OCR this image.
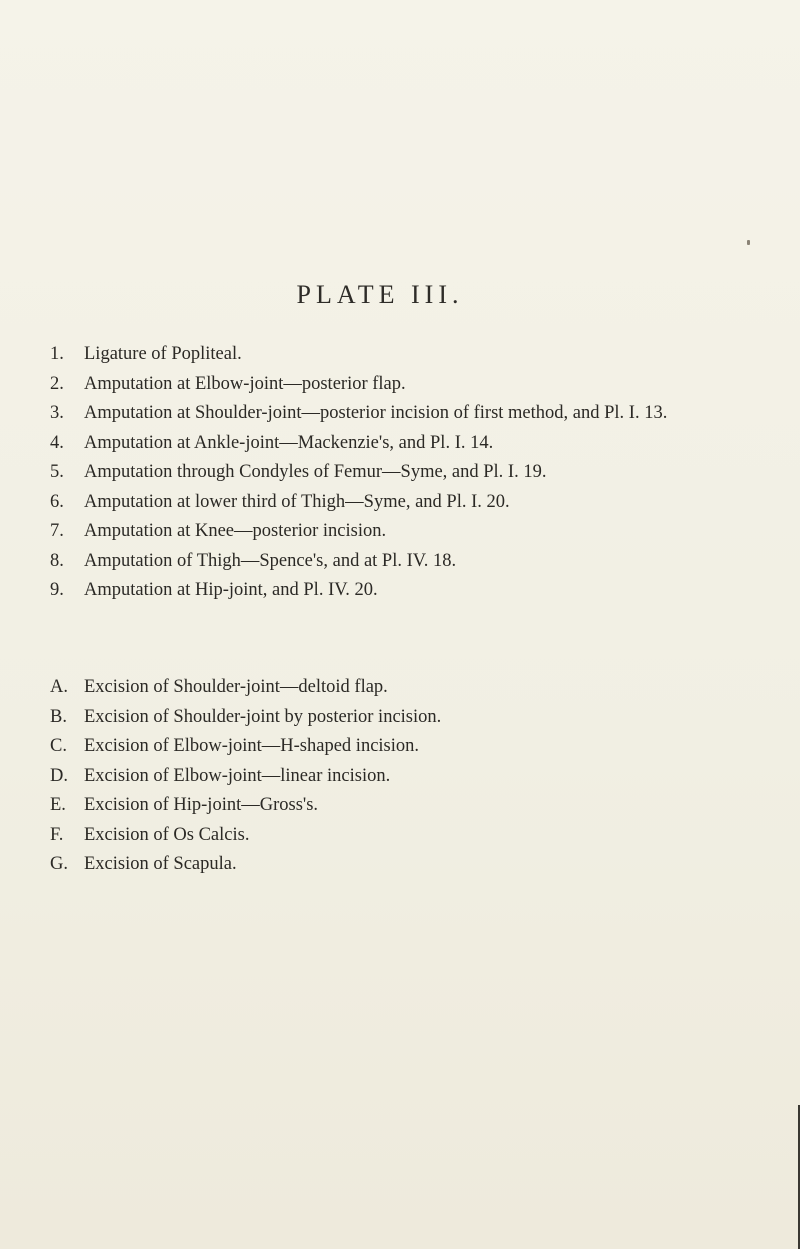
PLATE III.
1.	Ligature of Popliteal.
2.	Amputation at Elbow-joint—posterior flap.
3.	Amputation at Shoulder-joint—posterior incision of first method, and Pl. I. 13.
4.	Amputation at Ankle-joint—Mackenzie's, and Pl. I. 14.
5.	Amputation through Condyles of Femur—Syme, and Pl. I. 19.
6.	Amputation at lower third of Thigh—Syme, and Pl. I. 20.
7.	Amputation at Knee—posterior incision.
8.	Amputation of Thigh—Spence's, and at Pl. IV. 18.
9.	Amputation at Hip-joint, and Pl. IV. 20.
A. Excision of Shoulder-joint—deltoid flap.
B. Excision of Shoulder-joint by posterior incision.
C. Excision of Elbow-joint—H-shaped incision.
D. Excision of Elbow-joint—linear incision.
E. Excision of Hip-joint—Gross's.
F.	Excision of Os Calcis.
G. Excision of Scapula.
